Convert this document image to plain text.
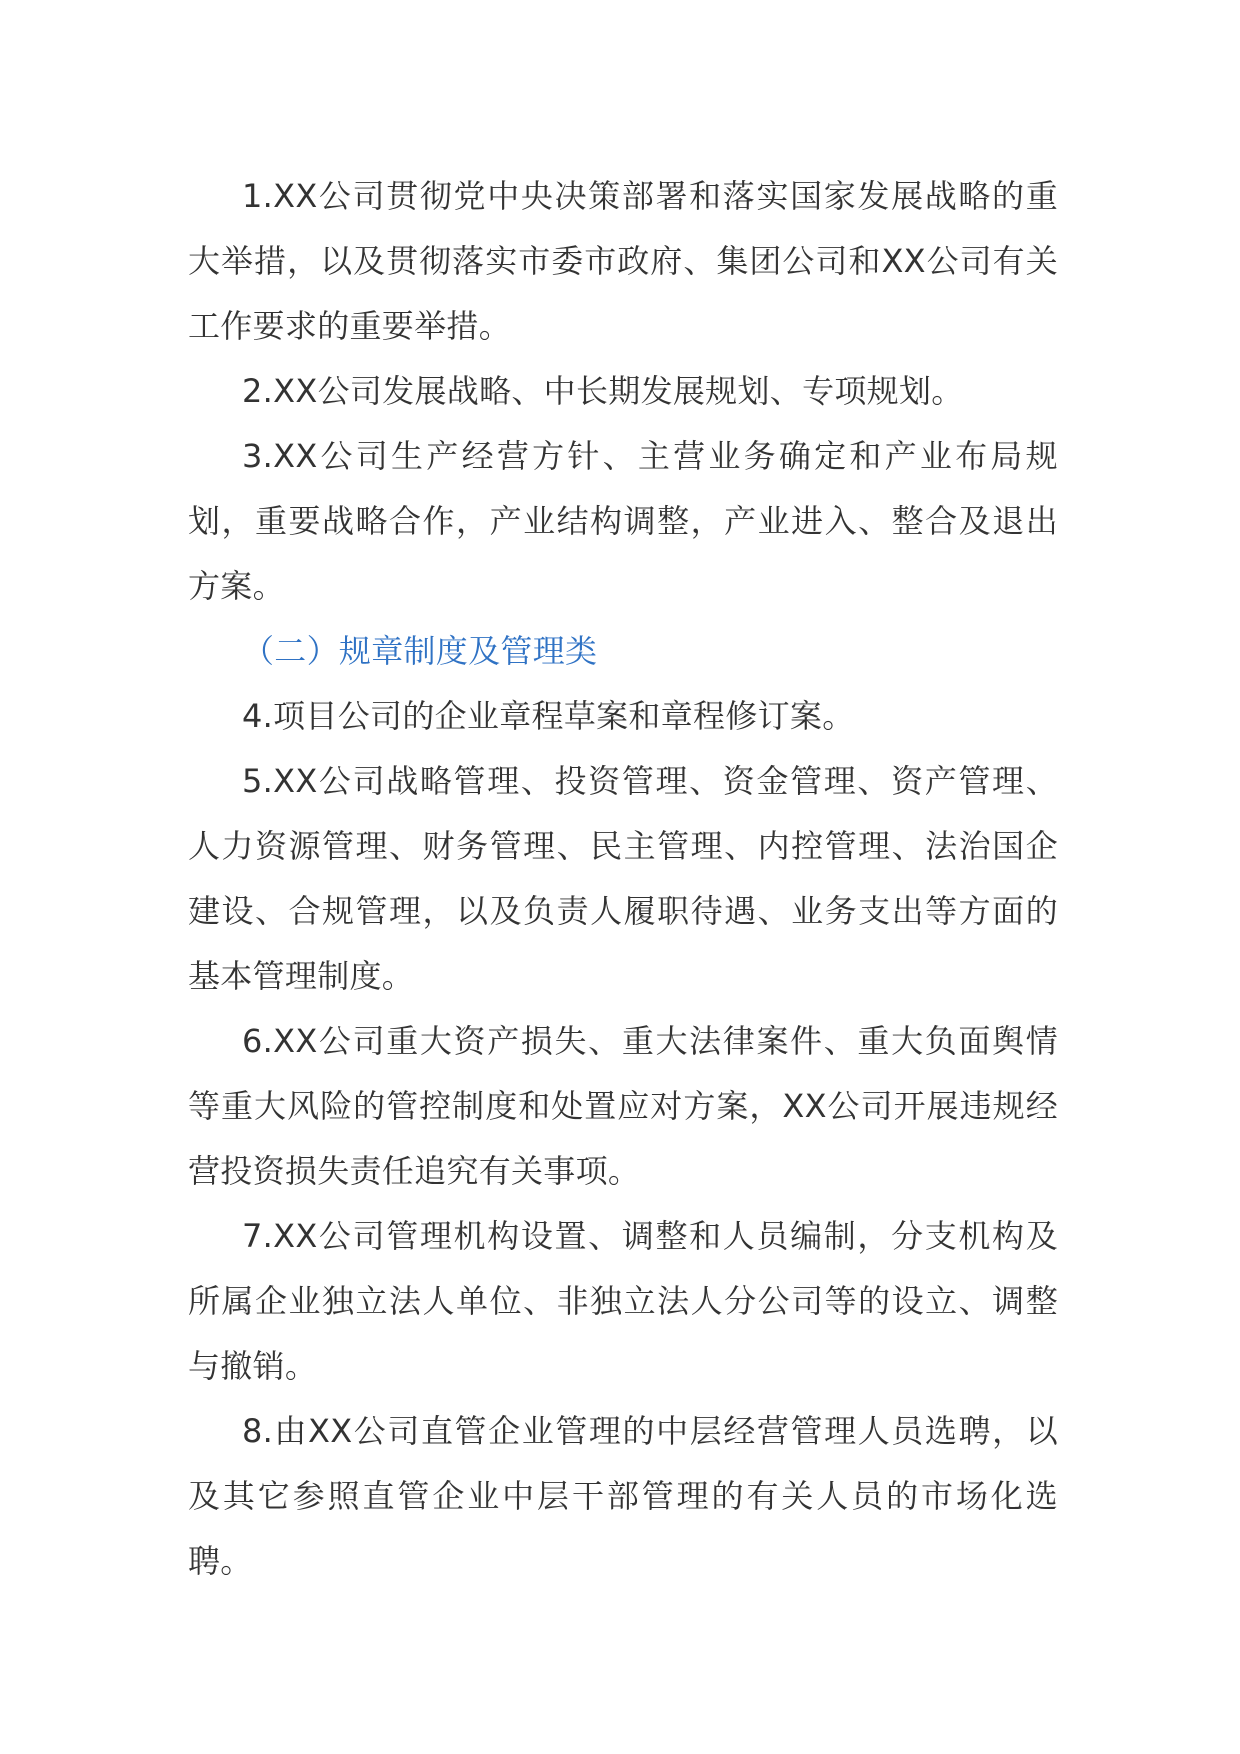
1.XX公司贯彻党中央决策部署和落实国家发展战略的重大举措，以及贯彻落实市委市政府、集团公司和XX公司有关工作要求的重要举措。

2.XX公司发展战略、中长期发展规划、专项规划。

3.XX公司生产经营方针、主营业务确定和产业布局规划，重要战略合作，产业结构调整，产业进入、整合及退出方案。

（二）规章制度及管理类

4.项目公司的企业章程草案和章程修订案。

5.XX公司战略管理、投资管理、资金管理、资产管理、人力资源管理、财务管理、民主管理、内控管理、法治国企建设、合规管理，以及负责人履职待遇、业务支出等方面的基本管理制度。

6.XX公司重大资产损失、重大法律案件、重大负面舆情等重大风险的管控制度和处置应对方案，XX公司开展违规经营投资损失责任追究有关事项。

7.XX公司管理机构设置、调整和人员编制，分支机构及所属企业独立法人单位、非独立法人分公司等的设立、调整与撤销。

8.由XX公司直管企业管理的中层经营管理人员选聘，以及其它参照直管企业中层干部管理的有关人员的市场化选聘。
